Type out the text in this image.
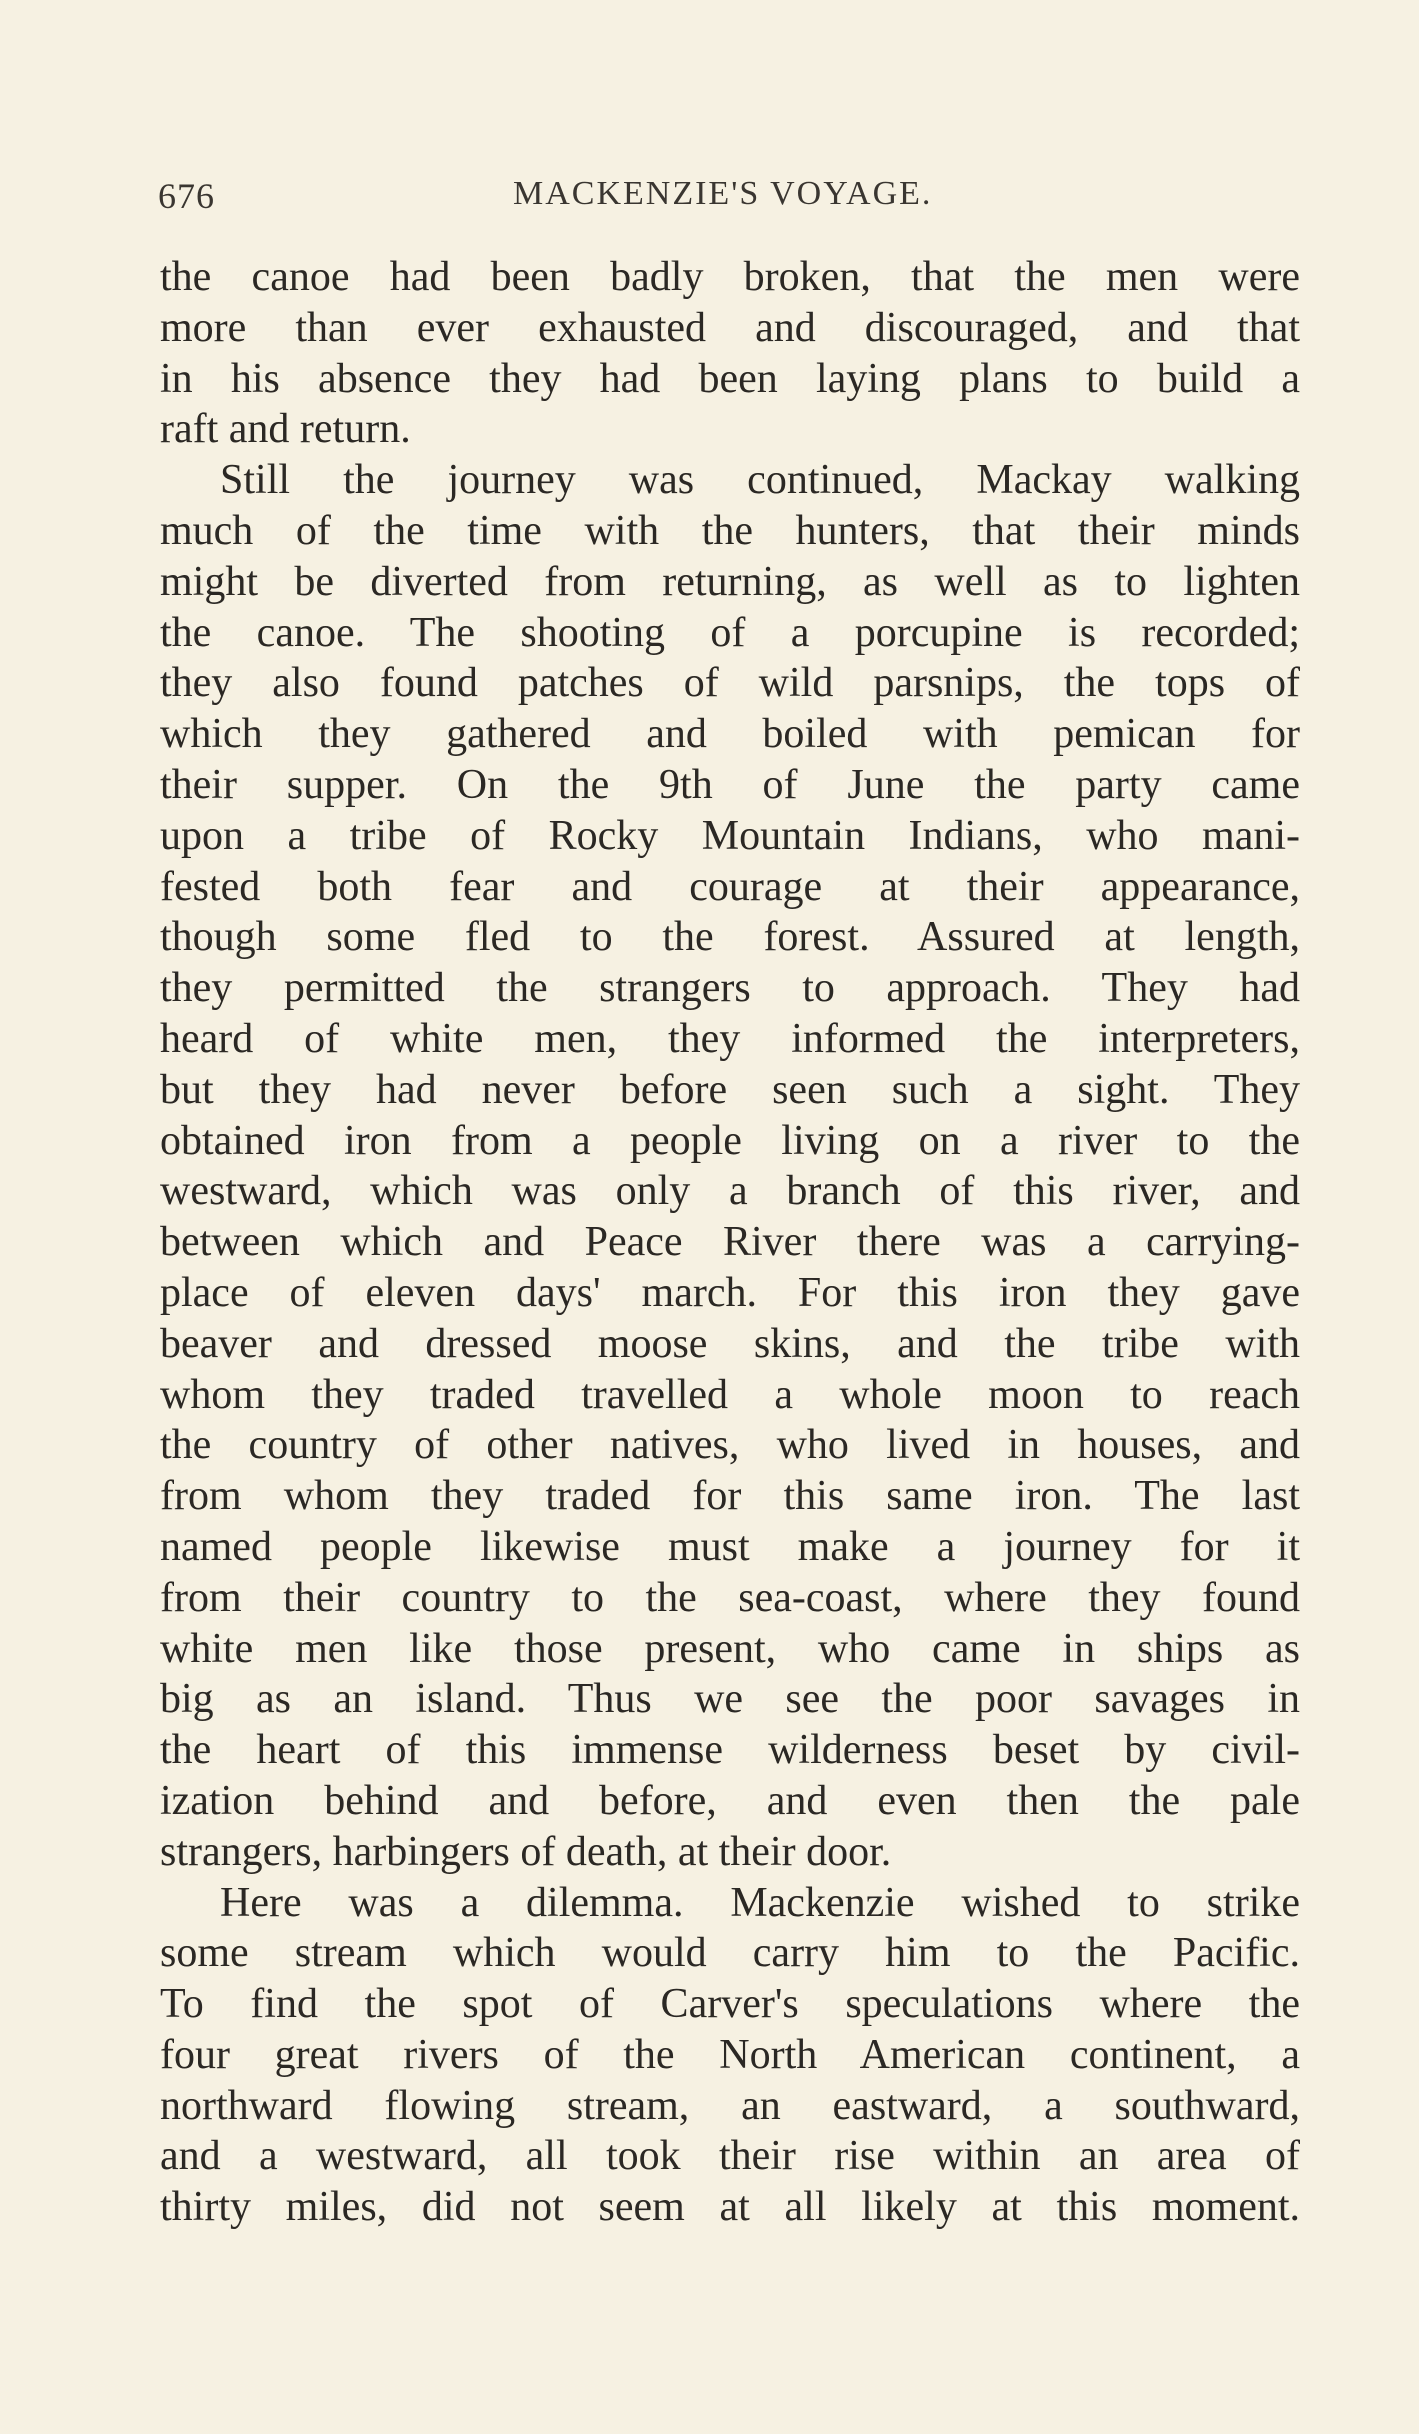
676	MACKENZIE'S VOYAGE.
the canoe had been badly broken, that the men were
more than ever exhausted and discouraged, and that
in his absence they had been laying plans to build a
raft and return.
Still the journey was continued, Mackay walking
much of the time with the hunters, that their minds
might be diverted from returning, as well as to lighten
the canoe. The shooting of a porcupine is recorded;
they also found patches of wild parsnips, the tops of
which they gathered and boiled with pemican for
their supper. On the 9th of June the party came
upon a tribe of Rocky Mountain Indians, who mani-
fested both fear and courage at their appearance,
though some fled to the forest. Assured at length,
they permitted the strangers to approach. They had
heard of white men, they informed the interpreters,
but they had never before seen such a sight. They
obtained iron from a people living on a river to the
westward, which was only a branch of this river, and
between which and Peace River there was a carrying-
place of eleven days' march. For this iron they gave
beaver and dressed moose skins, and the tribe with
whom they traded travelled a whole moon to reach
the country of other natives, who lived in houses, and
from whom they traded for this same iron. The last
named people likewise must make a journey for it
from their country to the sea-coast, where they found
white men like those present, who came in ships as
big as an island. Thus we see the poor savages in
the heart of this immense wilderness beset by civil-
ization behind and before, and even then the pale
strangers, harbingers of death, at their door.
Here was a dilemma. Mackenzie wished to strike
some stream which would carry him to the Pacific.
To find the spot of Carver's speculations where the
four great rivers of the North American continent, a
northward flowing stream, an eastward, a southward,
and a westward, all took their rise within an area of
thirty miles, did not seem at all likely at this moment.
